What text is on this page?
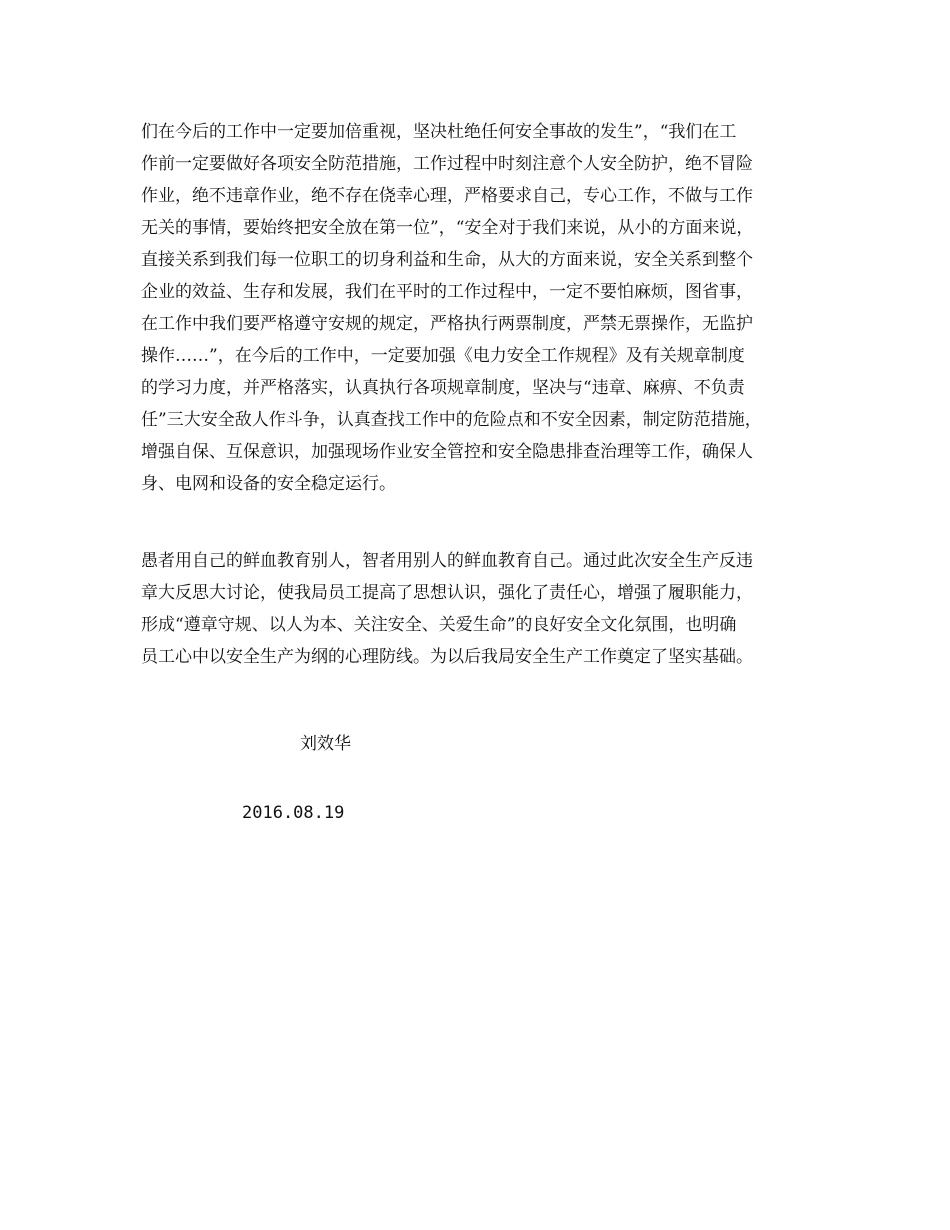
们在今后的工作中一定要加倍重视，坚决杜绝任何安全事故的发生”，“我们在工
作前一定要做好各项安全防范措施，工作过程中时刻注意个人安全防护，绝不冒险
作业，绝不违章作业，绝不存在侥幸心理，严格要求自己，专心工作，不做与工作
无关的事情，要始终把安全放在第一位”，“安全对于我们来说，从小的方面来说，
直接关系到我们每一位职工的切身利益和生命，从大的方面来说，安全关系到整个
企业的效益、生存和发展，我们在平时的工作过程中，一定不要怕麻烦，图省事，
在工作中我们要严格遵守安规的规定，严格执行两票制度，严禁无票操作，无监护
操作……”，在今后的工作中，一定要加强《电力安全工作规程》及有关规章制度
的学习力度，并严格落实，认真执行各项规章制度，坚决与“违章、麻痹、不负责
任”三大安全敌人作斗争，认真查找工作中的危险点和不安全因素，制定防范措施，
增强自保、互保意识，加强现场作业安全管控和安全隐患排查治理等工作，确保人
身、电网和设备的安全稳定运行。
愚者用自己的鲜血教育别人，智者用别人的鲜血教育自己。通过此次安全生产反违
章大反思大讨论，使我局员工提高了思想认识，强化了责任心，增强了履职能力，
形成“遵章守规、以人为本、关注安全、关爱生命”的良好安全文化氛围，也明确
员工心中以安全生产为纲的心理防线。为以后我局安全生产工作奠定了坚实基础。
刘效华
2016.08.19
